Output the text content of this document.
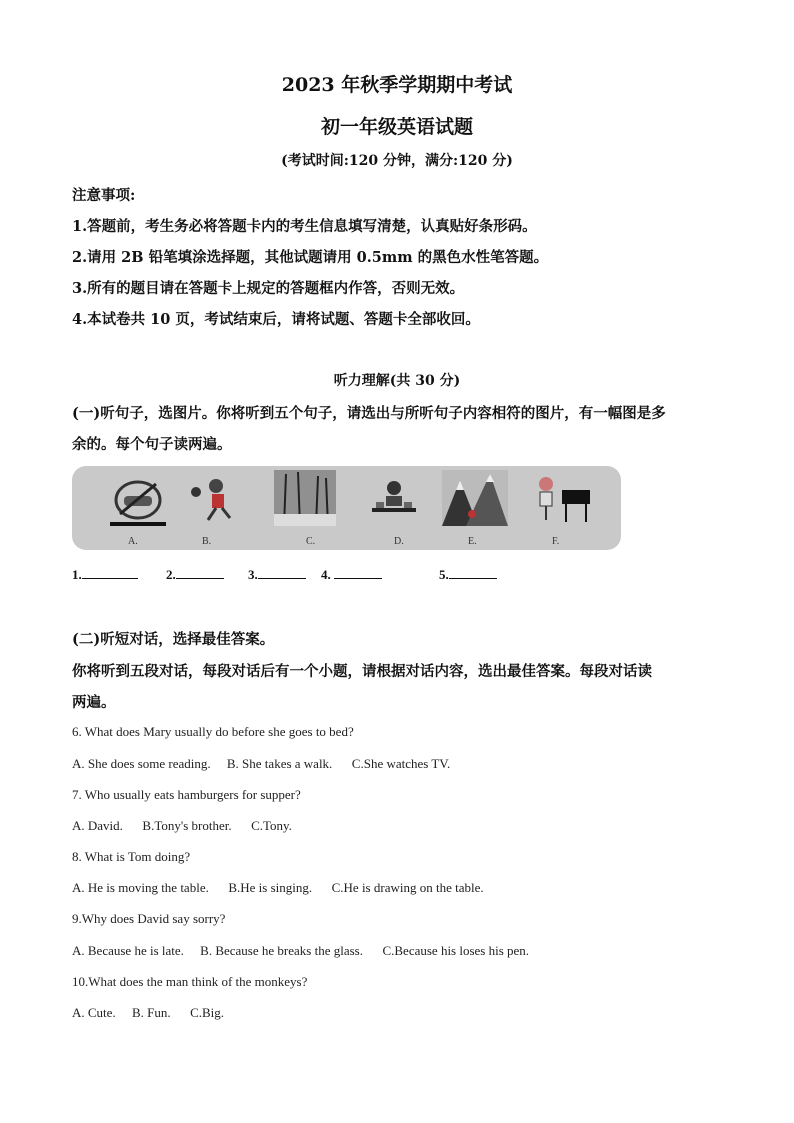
2023 年秋季学期期中考试
初一年级英语试题
(考试时间:120 分钟，满分:120 分)
注意事项:
1.答题前，考生务必将答题卡内的考生信息填写清楚，认真贴好条形码。
2.请用 2B 铅笔填涂选择题，其他试题请用 0.5mm 的黑色水性笔答题。
3.所有的题目请在答题卡上规定的答题框内作答，否则无效。
4.本试卷共 10 页，考试结束后，请将试题、答题卡全部收回。
听力理解(共 30 分)
(一)听句子，选图片。你将听到五个句子，请选出与所听句子内容相符的图片，有一幅图是多
余的。每个句子读两遍。
A.	B.	C.	D.	E.	F.
1.	2.	3.	4.	5.
(二)听短对话，选择最佳答案。
你将听到五段对话，每段对话后有一个小题，请根据对话内容，选出最佳答案。每段对话读
两遍。
6. What does Mary usually do before she goes to bed?
A. She does some reading.     B. She takes a walk.      C.She watches TV.
7. Who usually eats hamburgers for supper?
A. David.      B.Tony's brother.      C.Tony.
8. What is Tom doing?
A. He is moving the table.      B.He is singing.      C.He is drawing on the table.
9.Why does David say sorry?
A. Because he is late.     B. Because he breaks the glass.      C.Because his loses his pen.
10.What does the man think of the monkeys?
A. Cute.     B. Fun.      C.Big.
